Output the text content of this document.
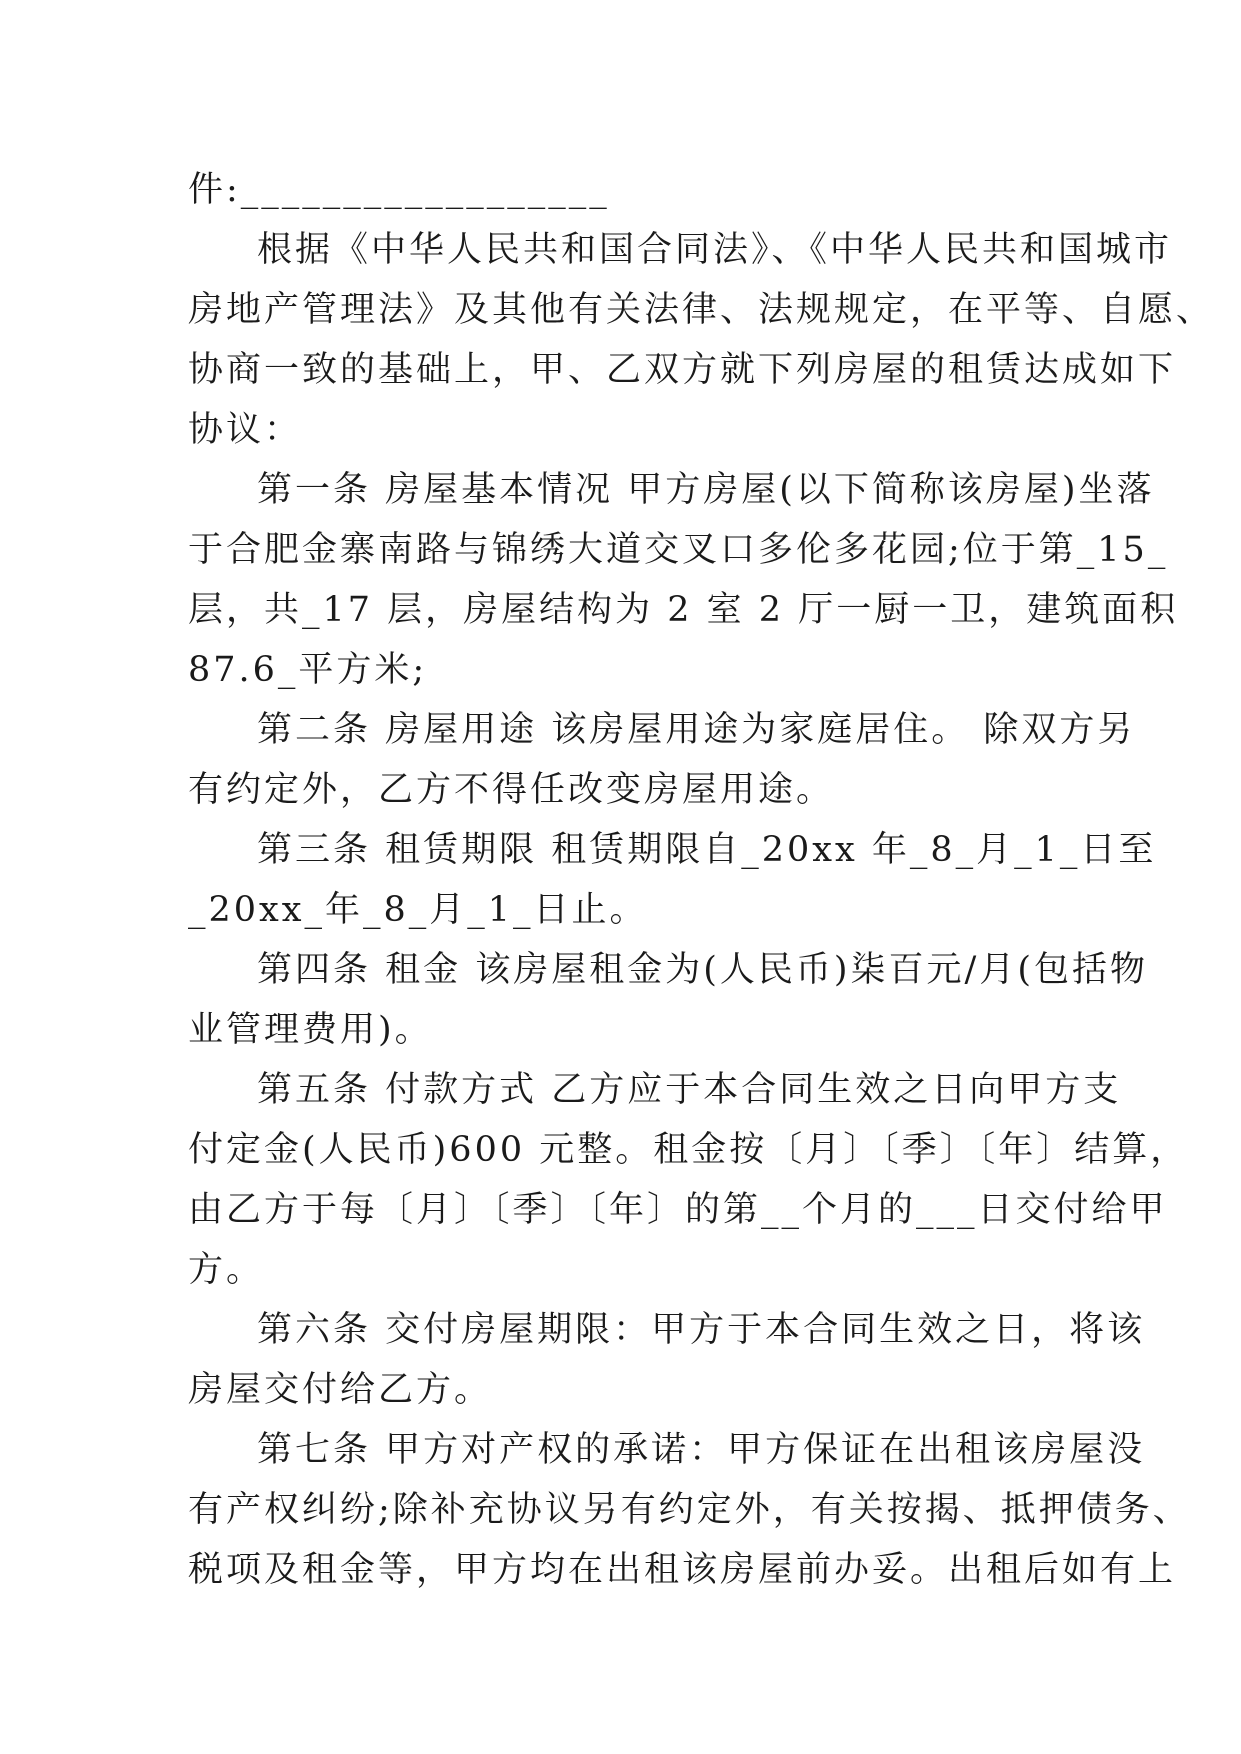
件:__________________
根据《中华人民共和国合同法》、《中华人民共和国城市
房地产管理法》及其他有关法律、法规规定，在平等、自愿、
协商一致的基础上，甲、乙双方就下列房屋的租赁达成如下
协议：
第一条 房屋基本情况 甲方房屋(以下简称该房屋)坐落
于合肥金寨南路与锦绣大道交叉口多伦多花园;位于第_15_
层，共_17 层，房屋结构为 2 室 2 厅一厨一卫，建筑面积
87.6_平方米;
第二条 房屋用途 该房屋用途为家庭居住。 除双方另
有约定外，乙方不得任改变房屋用途。
第三条 租赁期限 租赁期限自_20xx 年_8_月_1_日至
_20xx_年_8_月_1_日止。
第四条 租金 该房屋租金为(人民币)柒百元/月(包括物
业管理费用)。
第五条 付款方式 乙方应于本合同生效之日向甲方支
付定金(人民币)600 元整。租金按〔月〕〔季〕〔年〕结算，
由乙方于每〔月〕〔季〕〔年〕的第__个月的___日交付给甲
方。
第六条 交付房屋期限：甲方于本合同生效之日，将该
房屋交付给乙方。
第七条 甲方对产权的承诺：甲方保证在出租该房屋没
有产权纠纷;除补充协议另有约定外，有关按揭、抵押债务、
税项及租金等，甲方均在出租该房屋前办妥。出租后如有上
